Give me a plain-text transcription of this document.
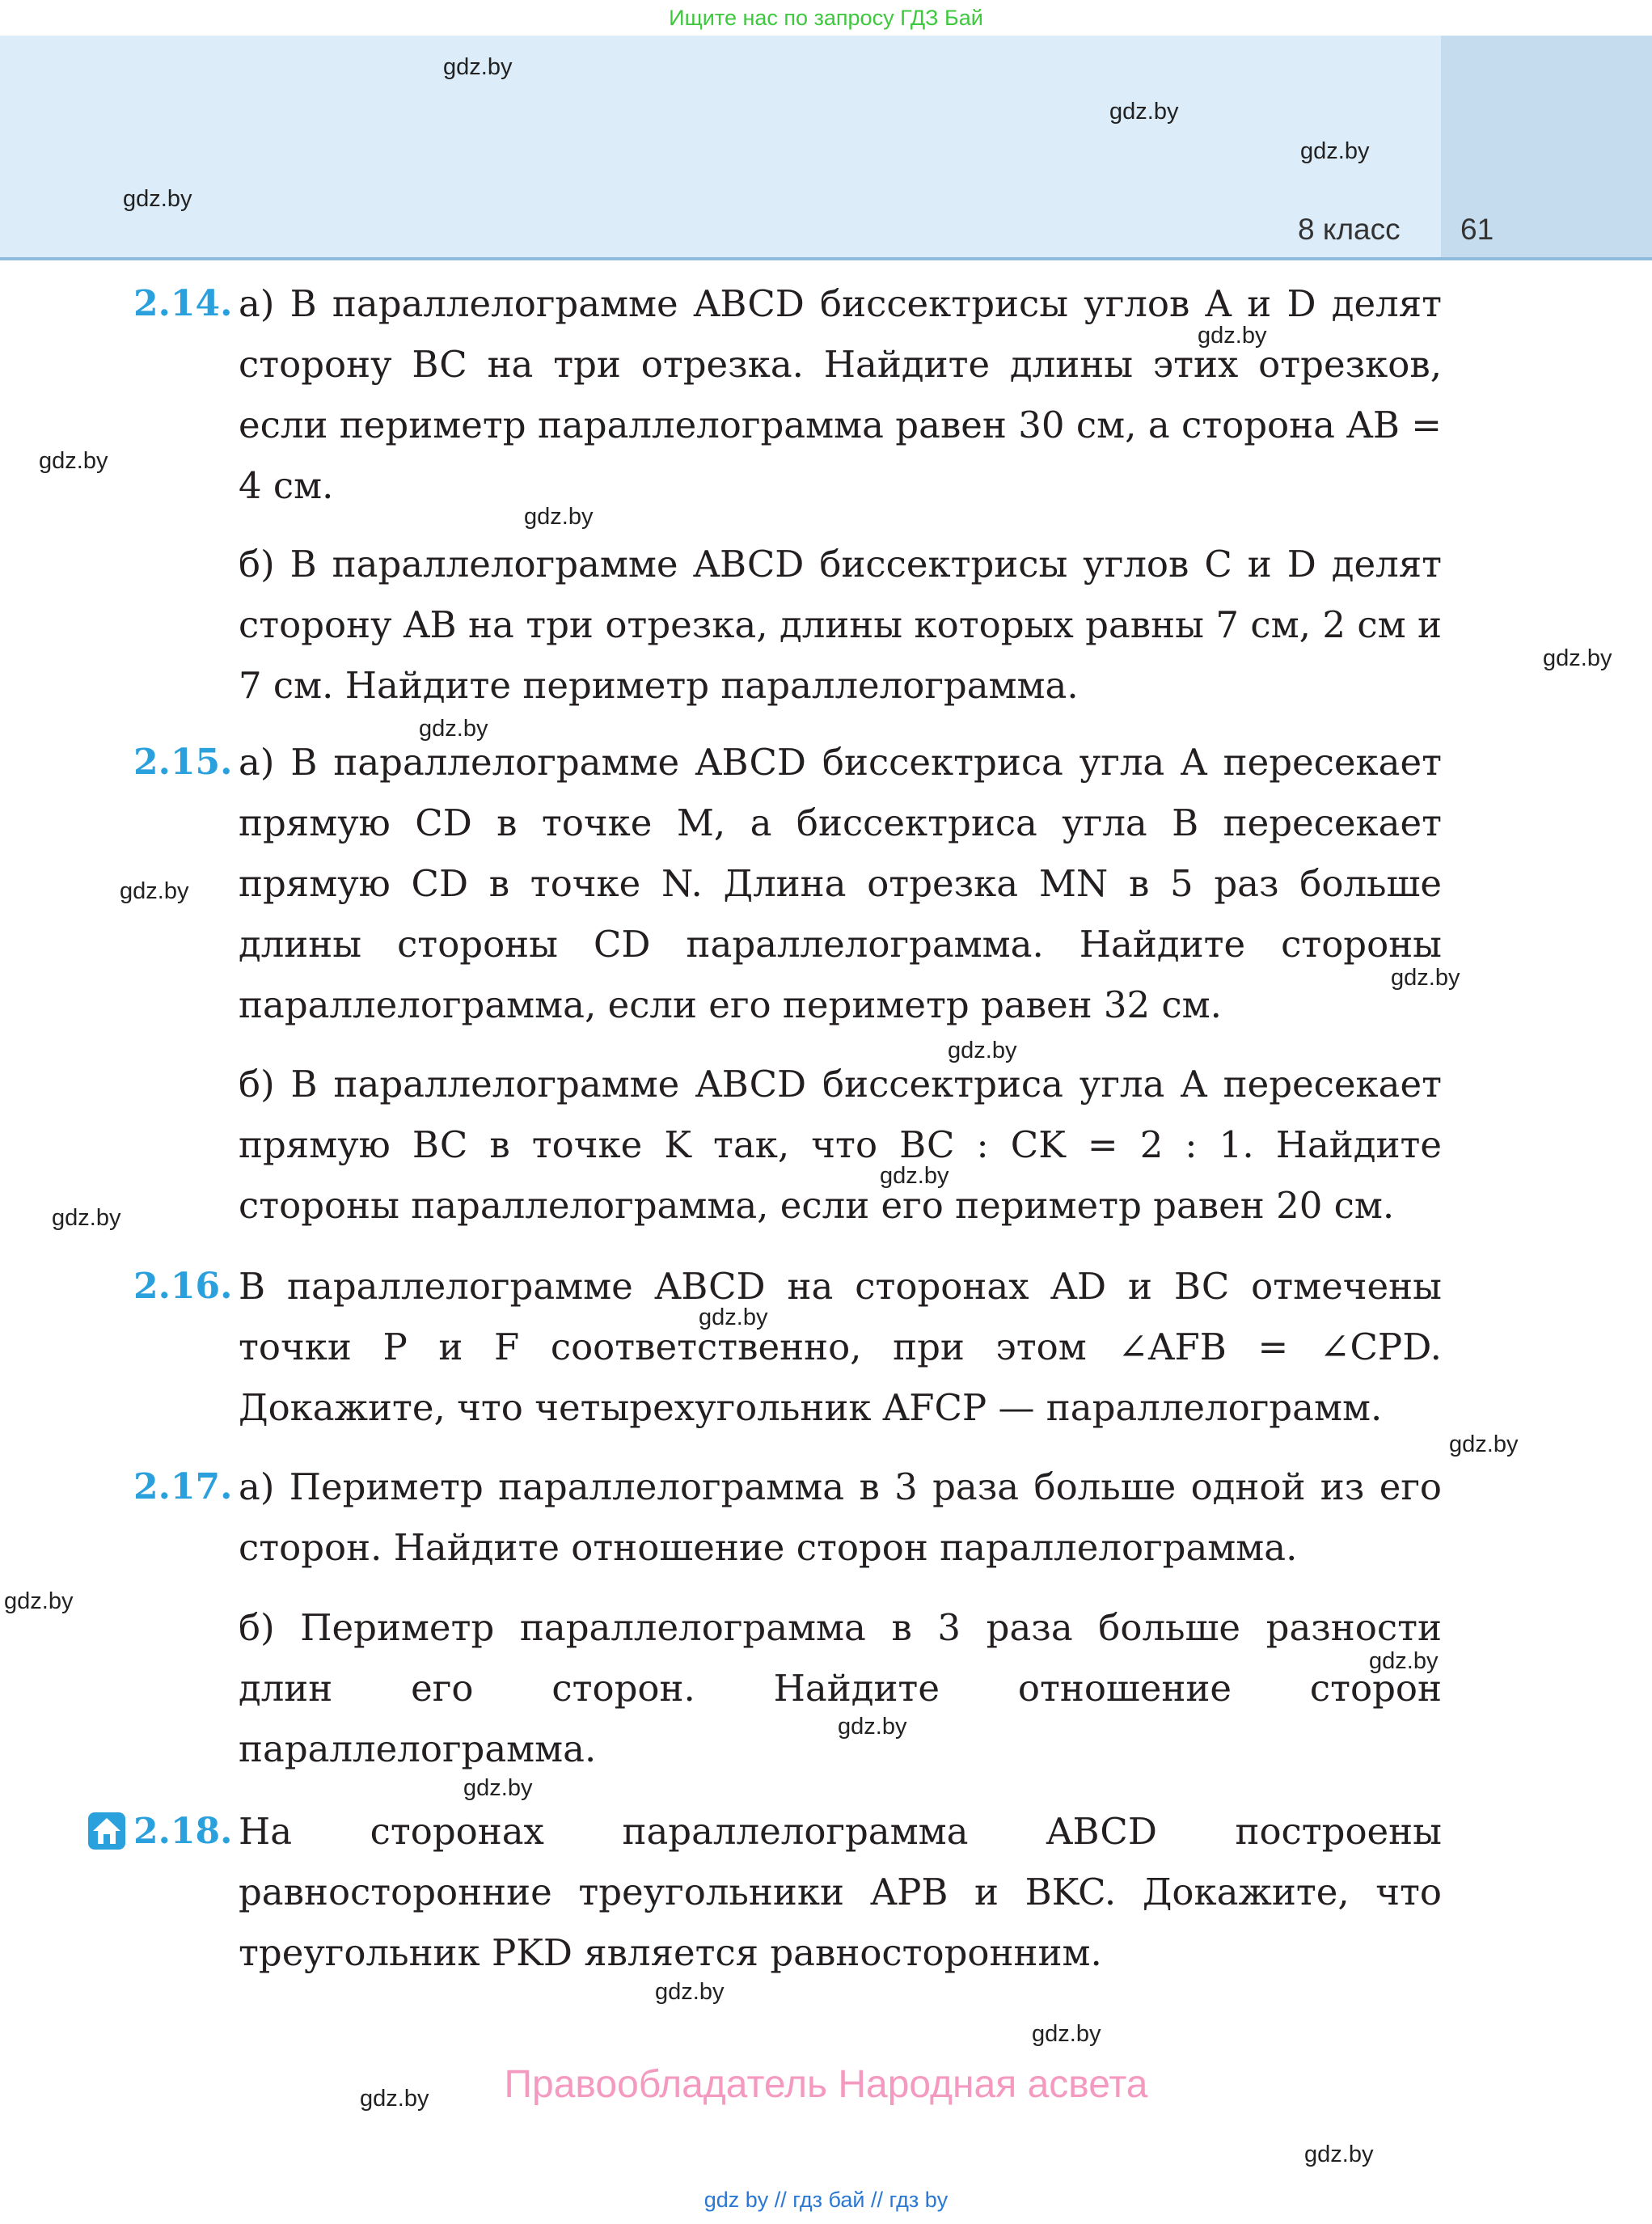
Ищите нас по запросу ГДЗ Бай
8 класс 61
gdz.by
gdz.by
gdz.by
gdz.by
gdz.by
gdz.by
gdz.by
gdz.by
gdz.by
gdz.by
gdz.by
gdz.by
gdz.by
gdz.by
gdz.by
gdz.by
gdz.by
gdz.by
gdz.by
gdz.by
gdz.by
gdz.by
gdz.by
gdz.by
2.14. а) В параллелограмме ABCD биссектрисы углов A и D делят сторону BC на три отрезка. Найдите длины этих отрезков, если периметр параллелограмма равен 30 см, а сторона AB = 4 см.
б) В параллелограмме ABCD биссектрисы углов C и D делят сторону AB на три отрезка, длины которых равны 7 см, 2 см и 7 см. Найдите периметр параллелограмма.
2.15. а) В параллелограмме ABCD биссектриса угла A пересекает прямую CD в точке M, а биссектриса угла B пересекает прямую CD в точке N. Длина отрезка MN в 5 раз больше длины стороны CD параллелограмма. Найдите стороны параллелограмма, если его периметр равен 32 см.
б) В параллелограмме ABCD биссектриса угла A пересекает прямую BC в точке K так, что BC : CK = 2 : 1. Найдите стороны параллелограмма, если его периметр равен 20 см.
2.16. В параллелограмме ABCD на сторонах AD и BC отмечены точки P и F соответственно, при этом ∠AFB = ∠CPD. Докажите, что четырехугольник AFCP — параллелограмм.
2.17. а) Периметр параллелограмма в 3 раза больше одной из его сторон. Найдите отношение сторон параллелограмма.
б) Периметр параллелограмма в 3 раза больше разности длин его сторон. Найдите отношение сторон параллелограмма.
2.18. На сторонах параллелограмма ABCD построены равносторонние треугольники APB и BKC. Докажите, что треугольник PKD является равносторонним.
Правообладатель Народная асвета
gdz by // гдз бай // гдз by
